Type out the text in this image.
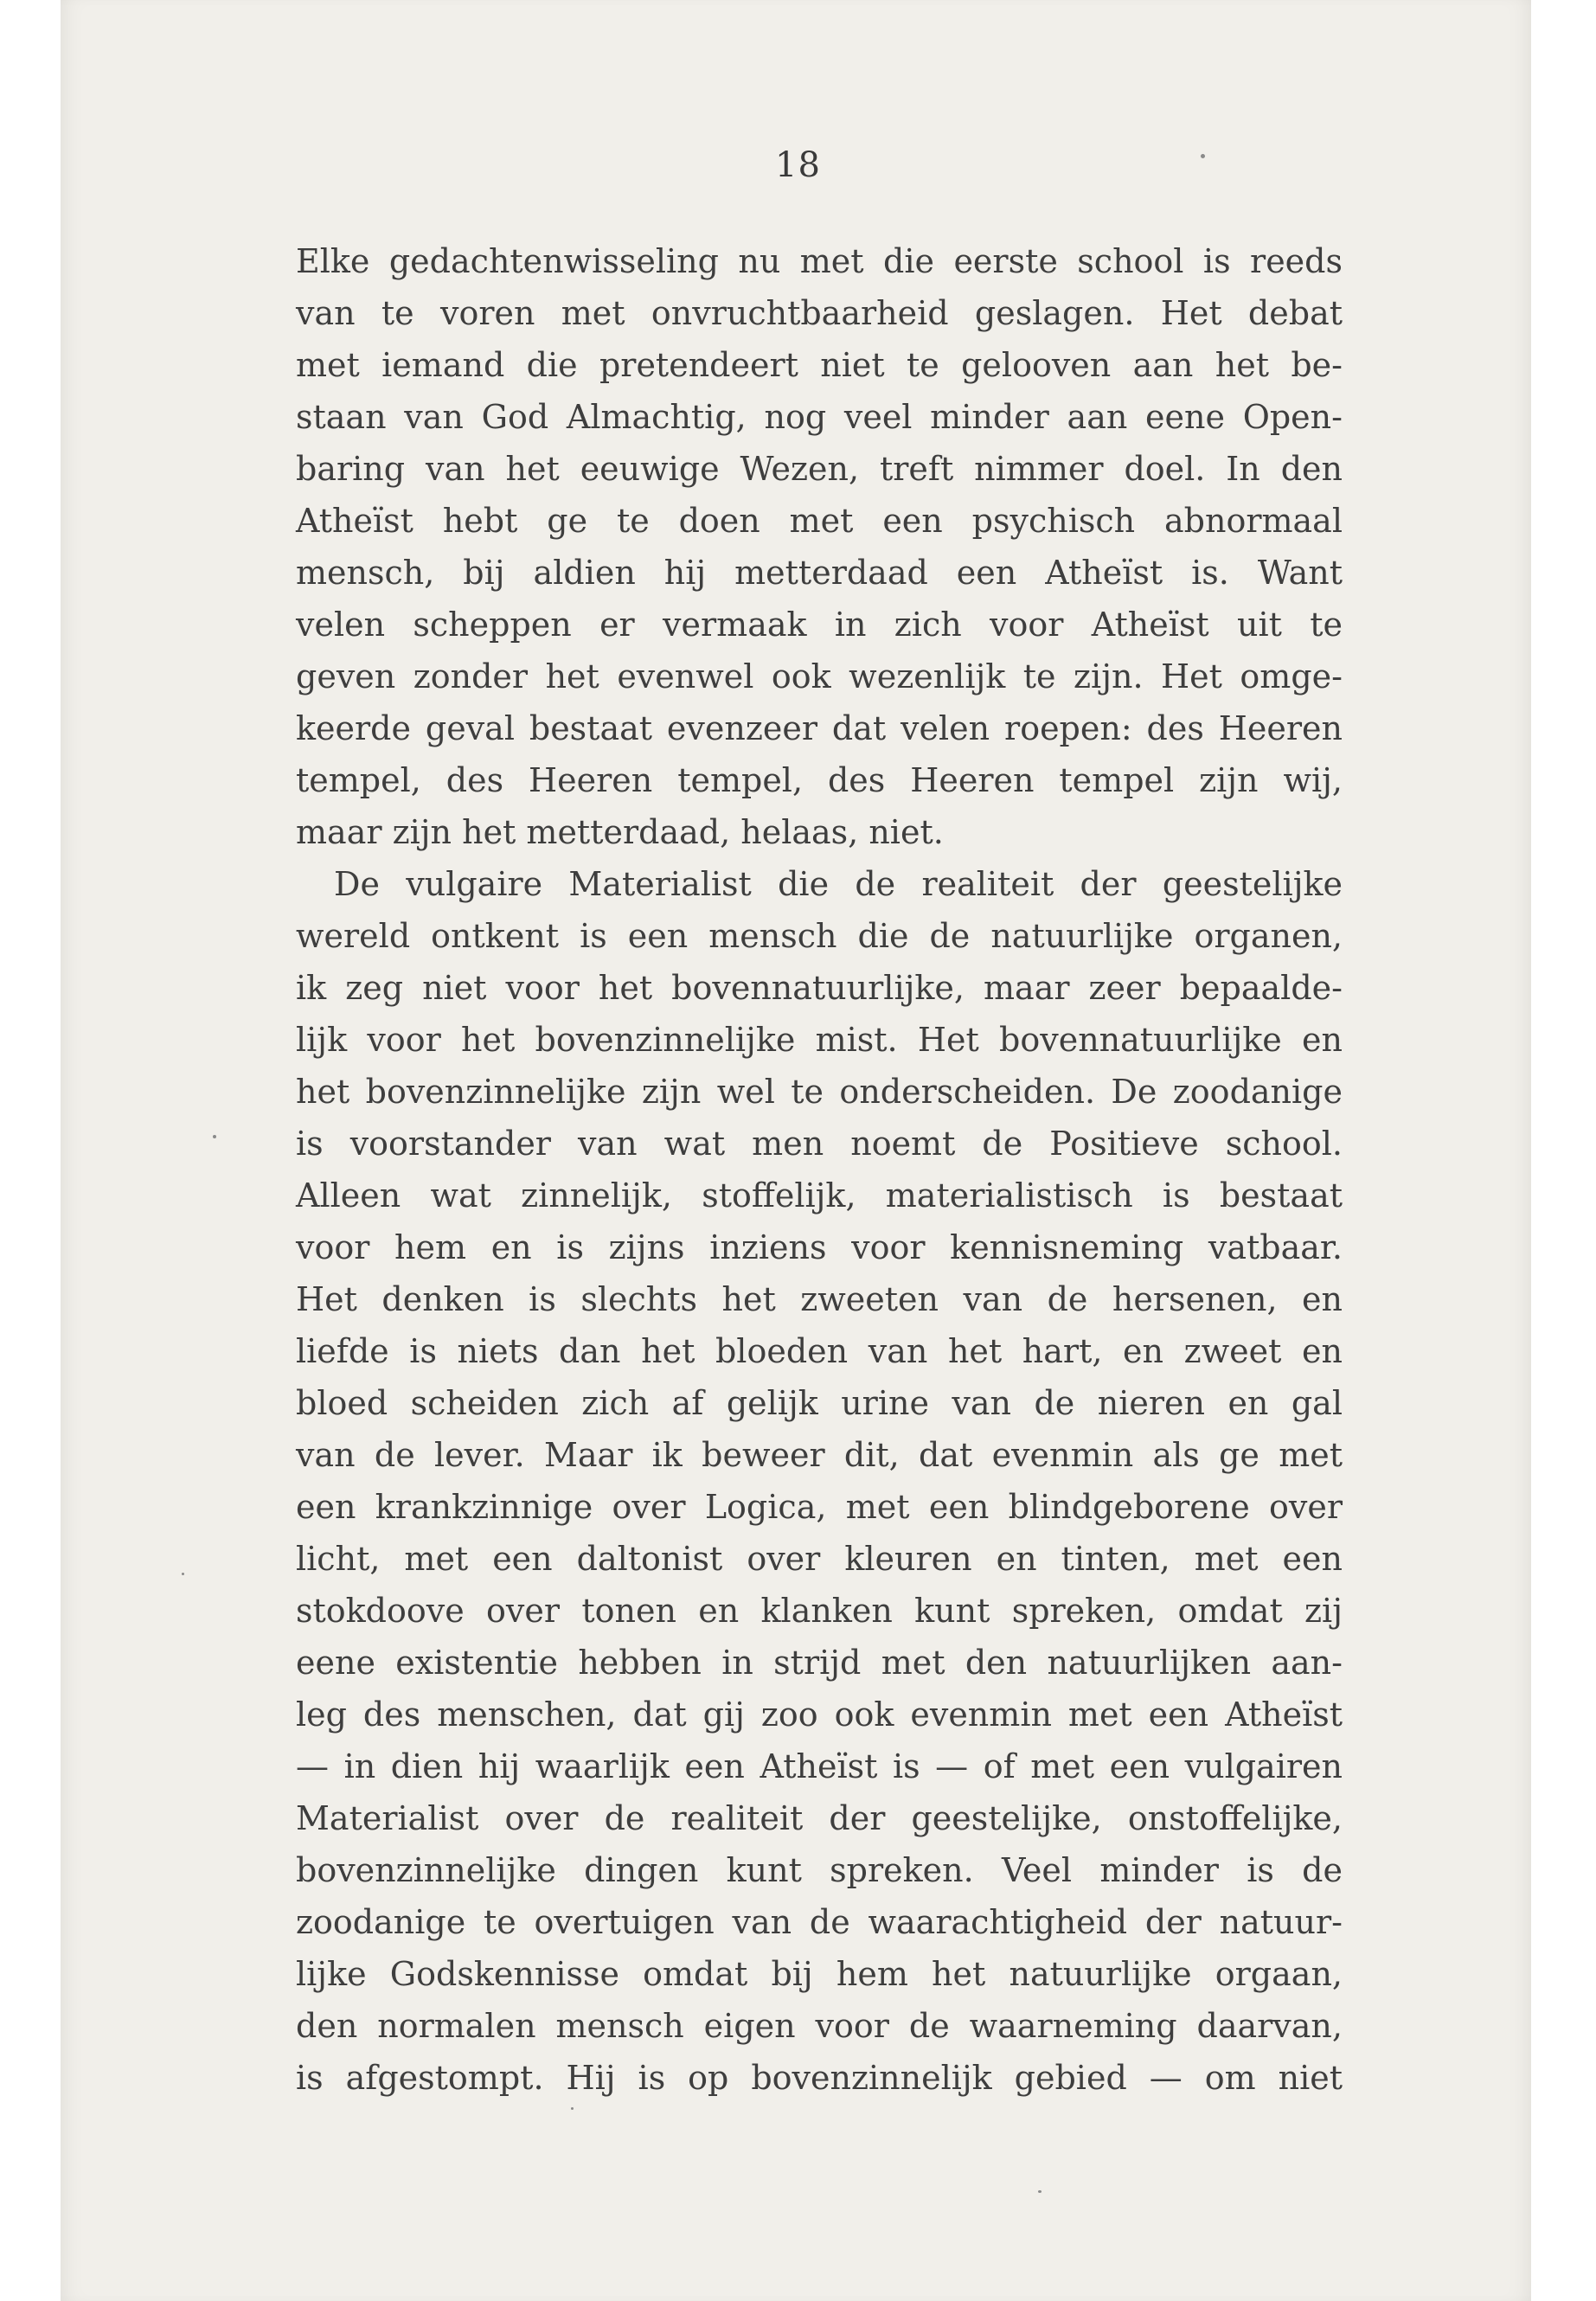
18
Elke gedachtenwisseling nu met die eerste school is reeds
van te voren met onvruchtbaarheid geslagen. Het debat
met iemand die pretendeert niet te gelooven aan het be-
staan van God Almachtig, nog veel minder aan eene Open-
baring van het eeuwige Wezen, treft nimmer doel. In den
Atheïst hebt ge te doen met een psychisch abnormaal
mensch, bij aldien hij metterdaad een Atheïst is. Want
velen scheppen er vermaak in zich voor Atheïst uit te
geven zonder het evenwel ook wezenlijk te zijn. Het omge-
keerde geval bestaat evenzeer dat velen roepen: des Heeren
tempel, des Heeren tempel, des Heeren tempel zijn wij,
maar zijn het metterdaad, helaas, niet.
De vulgaire Materialist die de realiteit der geestelijke
wereld ontkent is een mensch die de natuurlijke organen,
ik zeg niet voor het bovennatuurlijke, maar zeer bepaalde-
lijk voor het bovenzinnelijke mist. Het bovennatuurlijke en
het bovenzinnelijke zijn wel te onderscheiden. De zoodanige
is voorstander van wat men noemt de Positieve school.
Alleen wat zinnelijk, stoffelijk, materialistisch is bestaat
voor hem en is zijns inziens voor kennisneming vatbaar.
Het denken is slechts het zweeten van de hersenen, en
liefde is niets dan het bloeden van het hart, en zweet en
bloed scheiden zich af gelijk urine van de nieren en gal
van de lever. Maar ik beweer dit, dat evenmin als ge met
een krankzinnige over Logica, met een blindgeborene over
licht, met een daltonist over kleuren en tinten, met een
stokdoove over tonen en klanken kunt spreken, omdat zij
eene existentie hebben in strijd met den natuurlijken aan-
leg des menschen, dat gij zoo ook evenmin met een Atheïst
— in dien hij waarlijk een Atheïst is — of met een vulgairen
Materialist over de realiteit der geestelijke, onstoffelijke,
bovenzinnelijke dingen kunt spreken. Veel minder is de
zoodanige te overtuigen van de waarachtigheid der natuur-
lijke Godskennisse omdat bij hem het natuurlijke orgaan,
den normalen mensch eigen voor de waarneming daarvan,
is afgestompt. Hij is op bovenzinnelijk gebied — om niet
